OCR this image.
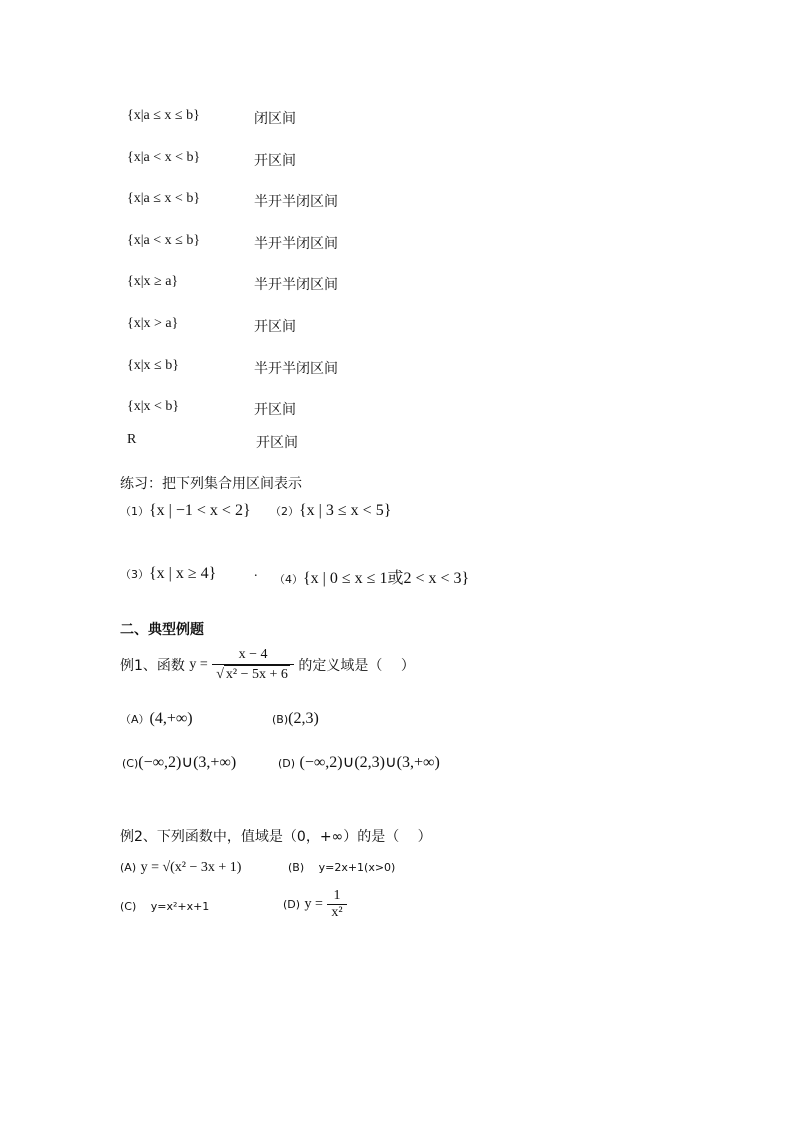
{x|a ≤ x ≤ b}	闭区间
{x|a < x < b}	开区间
{x|a ≤ x < b}	半开半闭区间
{x|a < x ≤ b}	半开半闭区间
{x|x ≥ a}	半开半闭区间
{x|x > a}	开区间
{x|x ≤ b}	半开半闭区间
{x|x < b}	开区间
R	开区间
练习：把下列集合用区间表示
（1）{x | −1 < x < 2} （2）{x | 3 ≤ x < 5}
（3）{x | x ≥ 4}	. （4）{x | 0 ≤ x ≤ 1或2 < x < 3}
二、典型例题
例1、函数 $y = \frac{x - 4}{\text{√ x² − 5x + 6}}$ 的定义域是（　 ）
（A）(4,+∞)	(B)(2,3)
(C)(−∞,2)∪(3,+∞)	(D) (−∞,2)∪(2,3)∪(3,+∞)
例2、下列函数中，值域是（0，+∞）的是（　 ）
(A) y = √(x² − 3x + 1)	(B) y=2x+1(x>0)
(C) y=x²+x+1	(D) $y = \frac{1}{\text{x²}}$
